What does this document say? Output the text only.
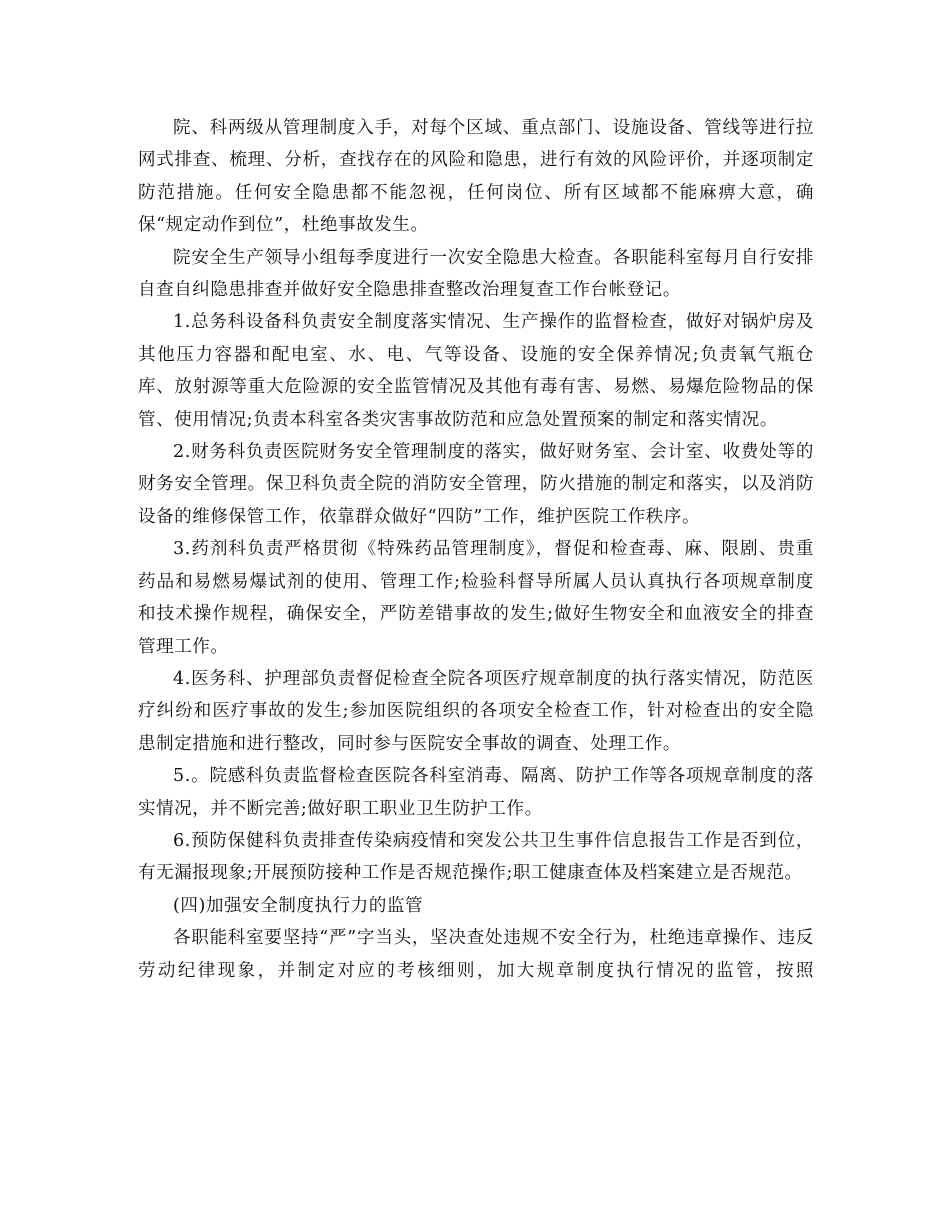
院、科两级从管理制度入手，对每个区域、重点部门、设施设备、管线等进行拉网式排查、梳理、分析，查找存在的风险和隐患，进行有效的风险评价，并逐项制定防范措施。任何安全隐患都不能忽视，任何岗位、所有区域都不能麻痹大意，确保“规定动作到位”，杜绝事故发生。

院安全生产领导小组每季度进行一次安全隐患大检查。各职能科室每月自行安排自查自纠隐患排查并做好安全隐患排查整改治理复查工作台帐登记。

1.总务科设备科负责安全制度落实情况、生产操作的监督检查，做好对锅炉房及其他压力容器和配电室、水、电、气等设备、设施的安全保养情况;负责氧气瓶仓库、放射源等重大危险源的安全监管情况及其他有毒有害、易燃、易爆危险物品的保管、使用情况;负责本科室各类灾害事故防范和应急处置预案的制定和落实情况。

2.财务科负责医院财务安全管理制度的落实，做好财务室、会计室、收费处等的财务安全管理。保卫科负责全院的消防安全管理，防火措施的制定和落实，以及消防设备的维修保管工作，依靠群众做好“四防”工作，维护医院工作秩序。

3.药剂科负责严格贯彻《特殊药品管理制度》，督促和检查毒、麻、限剧、贵重药品和易燃易爆试剂的使用、管理工作;检验科督导所属人员认真执行各项规章制度和技术操作规程，确保安全，严防差错事故的发生;做好生物安全和血液安全的排查管理工作。

4.医务科、护理部负责督促检查全院各项医疗规章制度的执行落实情况，防范医疗纠纷和医疗事故的发生;参加医院组织的各项安全检查工作，针对检查出的安全隐患制定措施和进行整改，同时参与医院安全事故的调查、处理工作。

5.。院感科负责监督检查医院各科室消毒、隔离、防护工作等各项规章制度的落实情况，并不断完善;做好职工职业卫生防护工作。

6.预防保健科负责排查传染病疫情和突发公共卫生事件信息报告工作是否到位，有无漏报现象;开展预防接种工作是否规范操作;职工健康查体及档案建立是否规范。

(四)加强安全制度执行力的监管

各职能科室要坚持“严”字当头，坚决查处违规不安全行为，杜绝违章操作、违反劳动纪律现象，并制定对应的考核细则，加大规章制度执行情况的监管，按照
